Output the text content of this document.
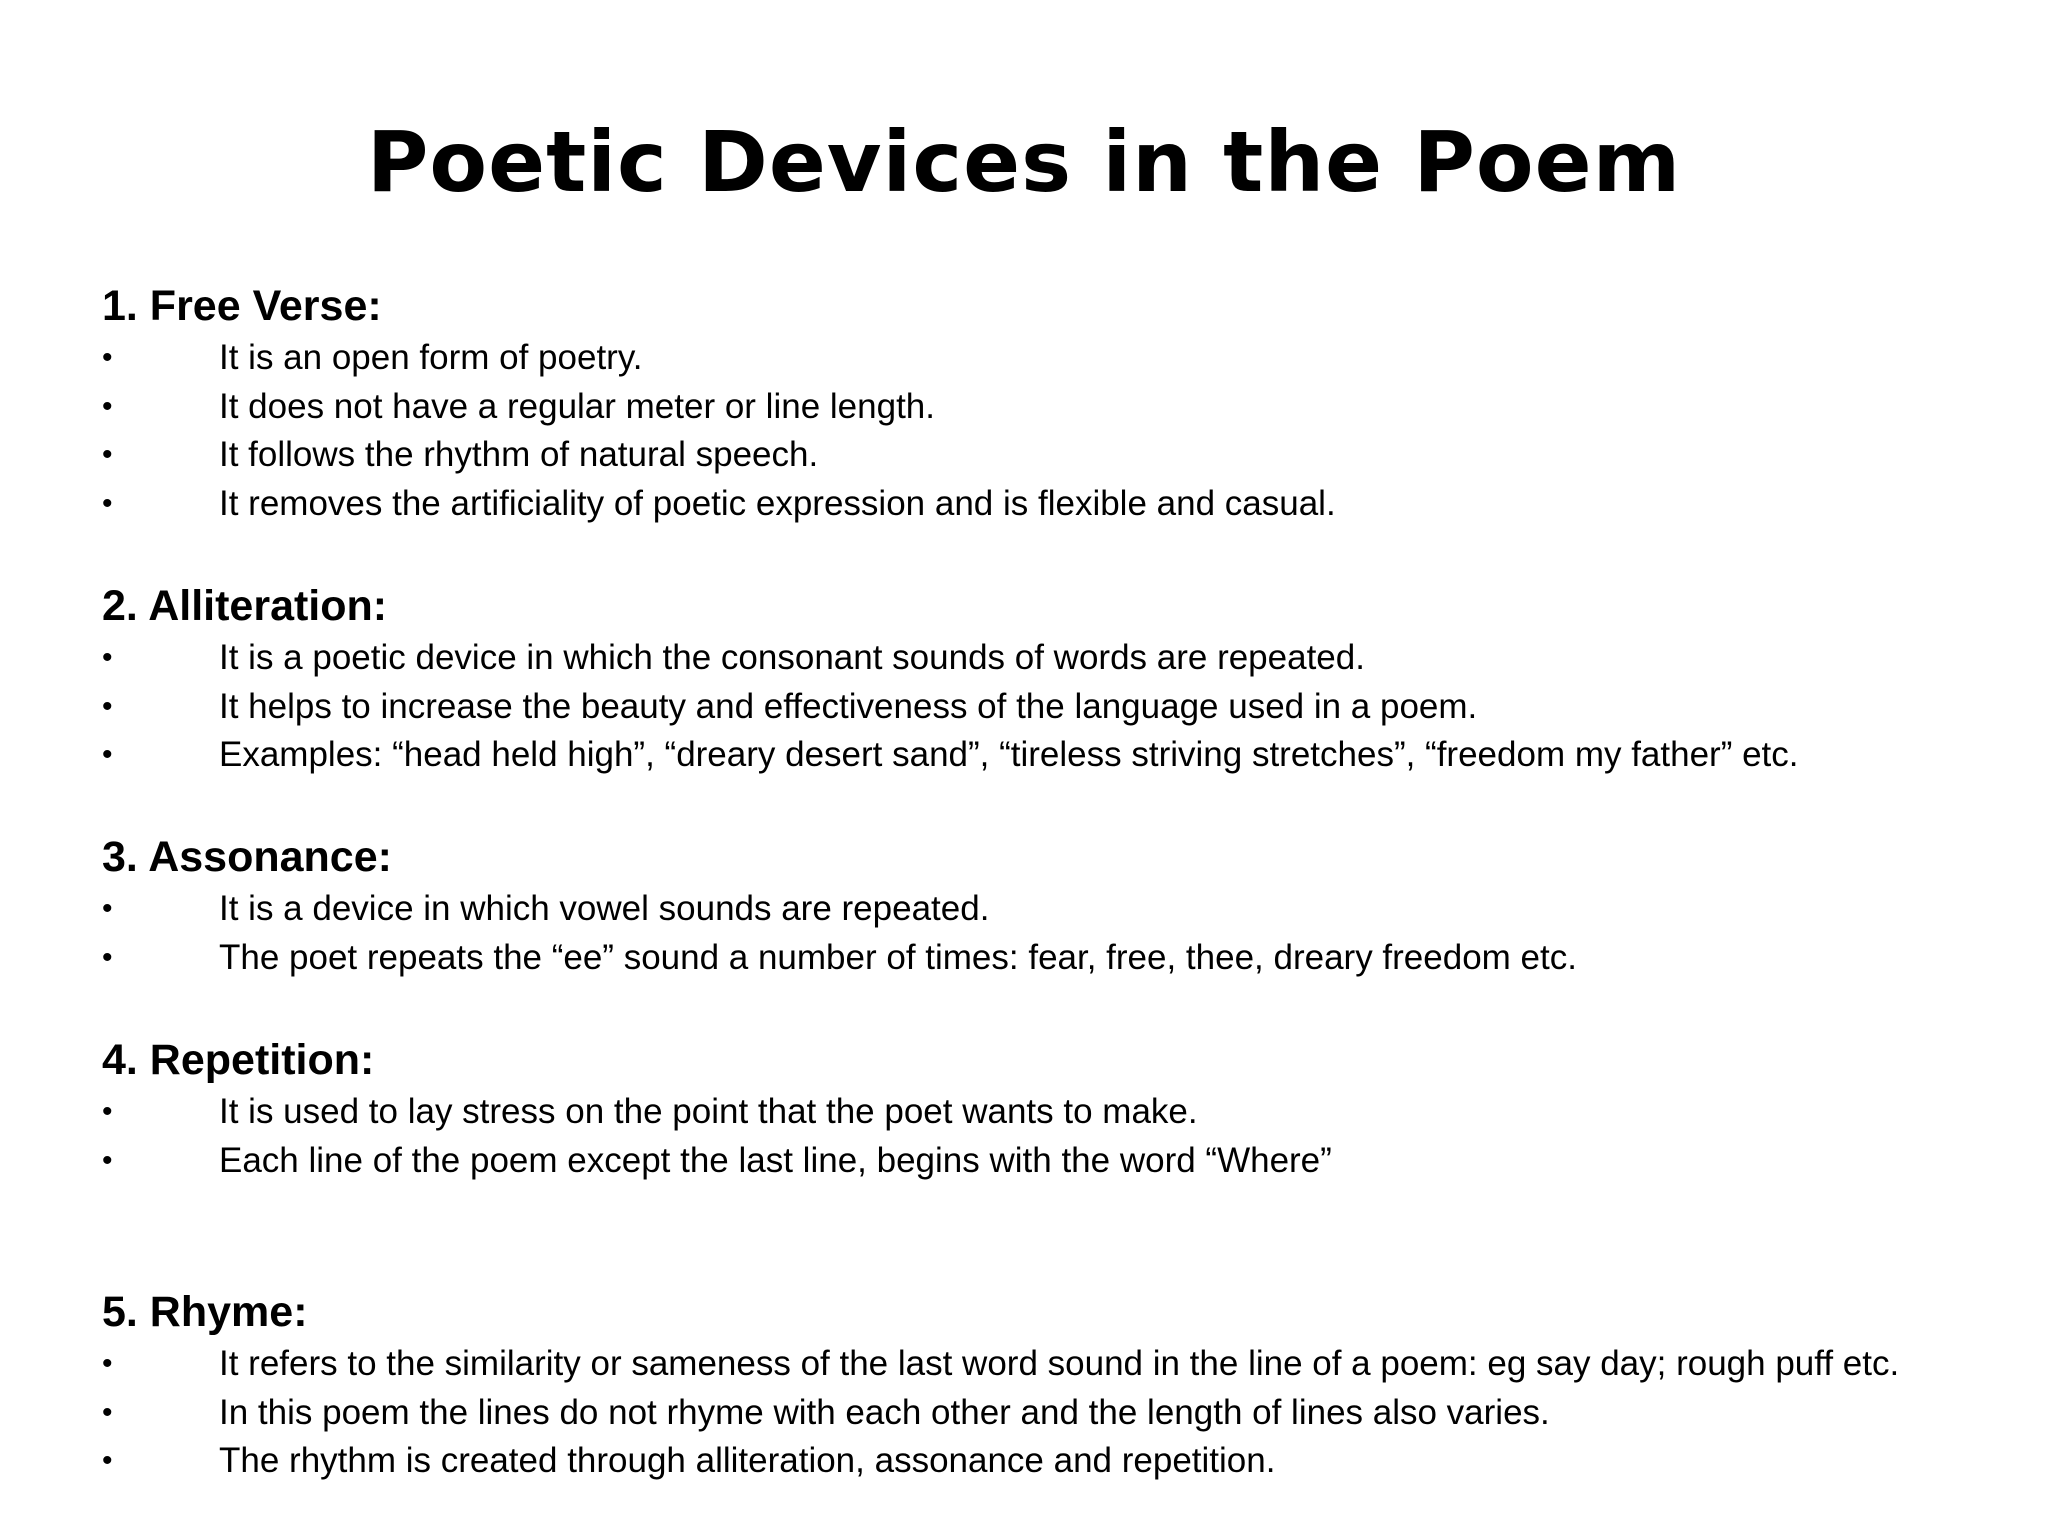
Poetic Devices in the Poem
1. Free Verse:
•	It is an open form of poetry.
•	It does not have a regular meter or line length.
•	It follows the rhythm of natural speech.
•	It removes the artificiality of poetic expression and is flexible and casual.
2. Alliteration:
•	It is a poetic device in which the consonant sounds of words are repeated.
•	It helps to increase the beauty and effectiveness of the language used in a poem.
•	Examples: “head held high”, “dreary desert sand”, “tireless striving stretches”, “freedom my father” etc.
3. Assonance:
•	It is a device in which vowel sounds are repeated.
•	The poet repeats the “ee” sound a number of times: fear, free, thee, dreary freedom etc.
4. Repetition:
•	It is used to lay stress on the point that the poet wants to make.
•	Each line of the poem except the last line, begins with the word “Where”
5. Rhyme:
•	It refers to the similarity or sameness of the last word sound in the line of a poem: eg say day; rough puff etc.
•	In this poem the lines do not rhyme with each other and the length of lines also varies.
•	The rhythm is created through alliteration, assonance and repetition.
